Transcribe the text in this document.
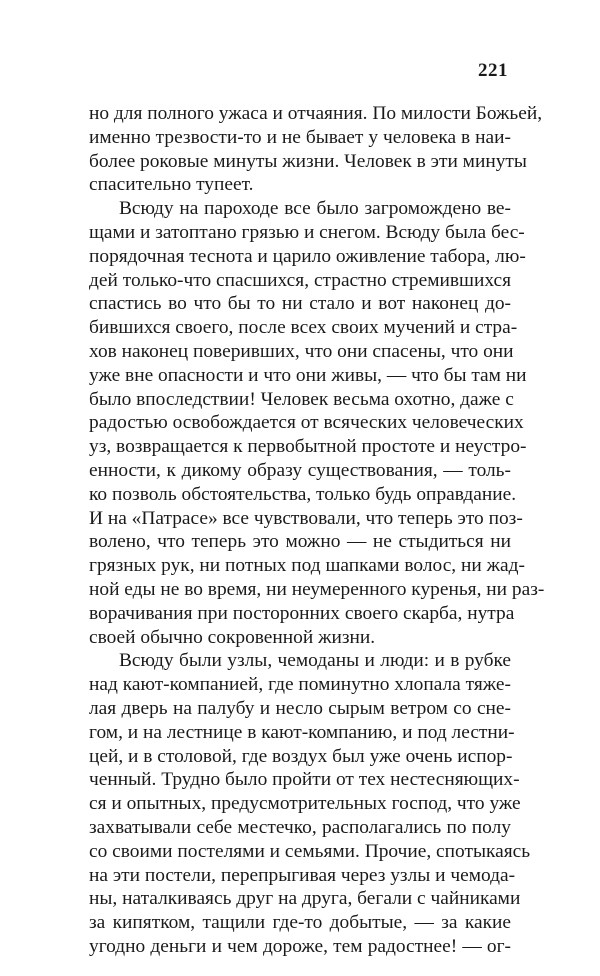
221
но для полного ужаса и отчаяния. По милости Божьей,
именно трезвости-то и не бывает у человека в наи-
более роковые минуты жизни. Человек в эти минуты
спасительно тупеет.
Всюду на пароходе все было загромождено ве-
щами и затоптано грязью и снегом. Всюду была бес-
порядочная теснота и царило оживление табора, лю-
дей только-что спасшихся, страстно стремившихся
спастись во что бы то ни стало и вот наконец до-
бившихся своего, после всех своих мучений и стра-
хов наконец поверивших, что они спасены, что они
уже вне опасности и что они живы, — что бы там ни
было впоследствии! Человек весьма охотно, даже с
радостью освобождается от всяческих человеческих
уз, возвращается к первобытной простоте и неустро-
енности, к дикому образу существования, — толь-
ко позволь обстоятельства, только будь оправдание.
И на «Патрасе» все чувствовали, что теперь это поз-
волено, что теперь это можно — не стыдиться ни
грязных рук, ни потных под шапками волос, ни жад-
ной еды не во время, ни неумеренного куренья, ни раз-
ворачивания при посторонних своего скарба, нутра
своей обычно сокровенной жизни.
Всюду были узлы, чемоданы и люди: и в рубке
над кают-компанией, где поминутно хлопала тяже-
лая дверь на палубу и несло сырым ветром со сне-
гом, и на лестнице в кают-компанию, и под лестни-
цей, и в столовой, где воздух был уже очень испор-
ченный. Трудно было пройти от тех нестесняющих-
ся и опытных, предусмотрительных господ, что уже
захватывали себе местечко, располагались по полу
со своими постелями и семьями. Прочие, спотыкаясь
на эти постели, перепрыгивая через узлы и чемода-
ны, наталкиваясь друг на друга, бегали с чайниками
за кипятком, тащили где-то добытые, — за какие
угодно деньги и чем дороже, тем радостнее! — ог-
